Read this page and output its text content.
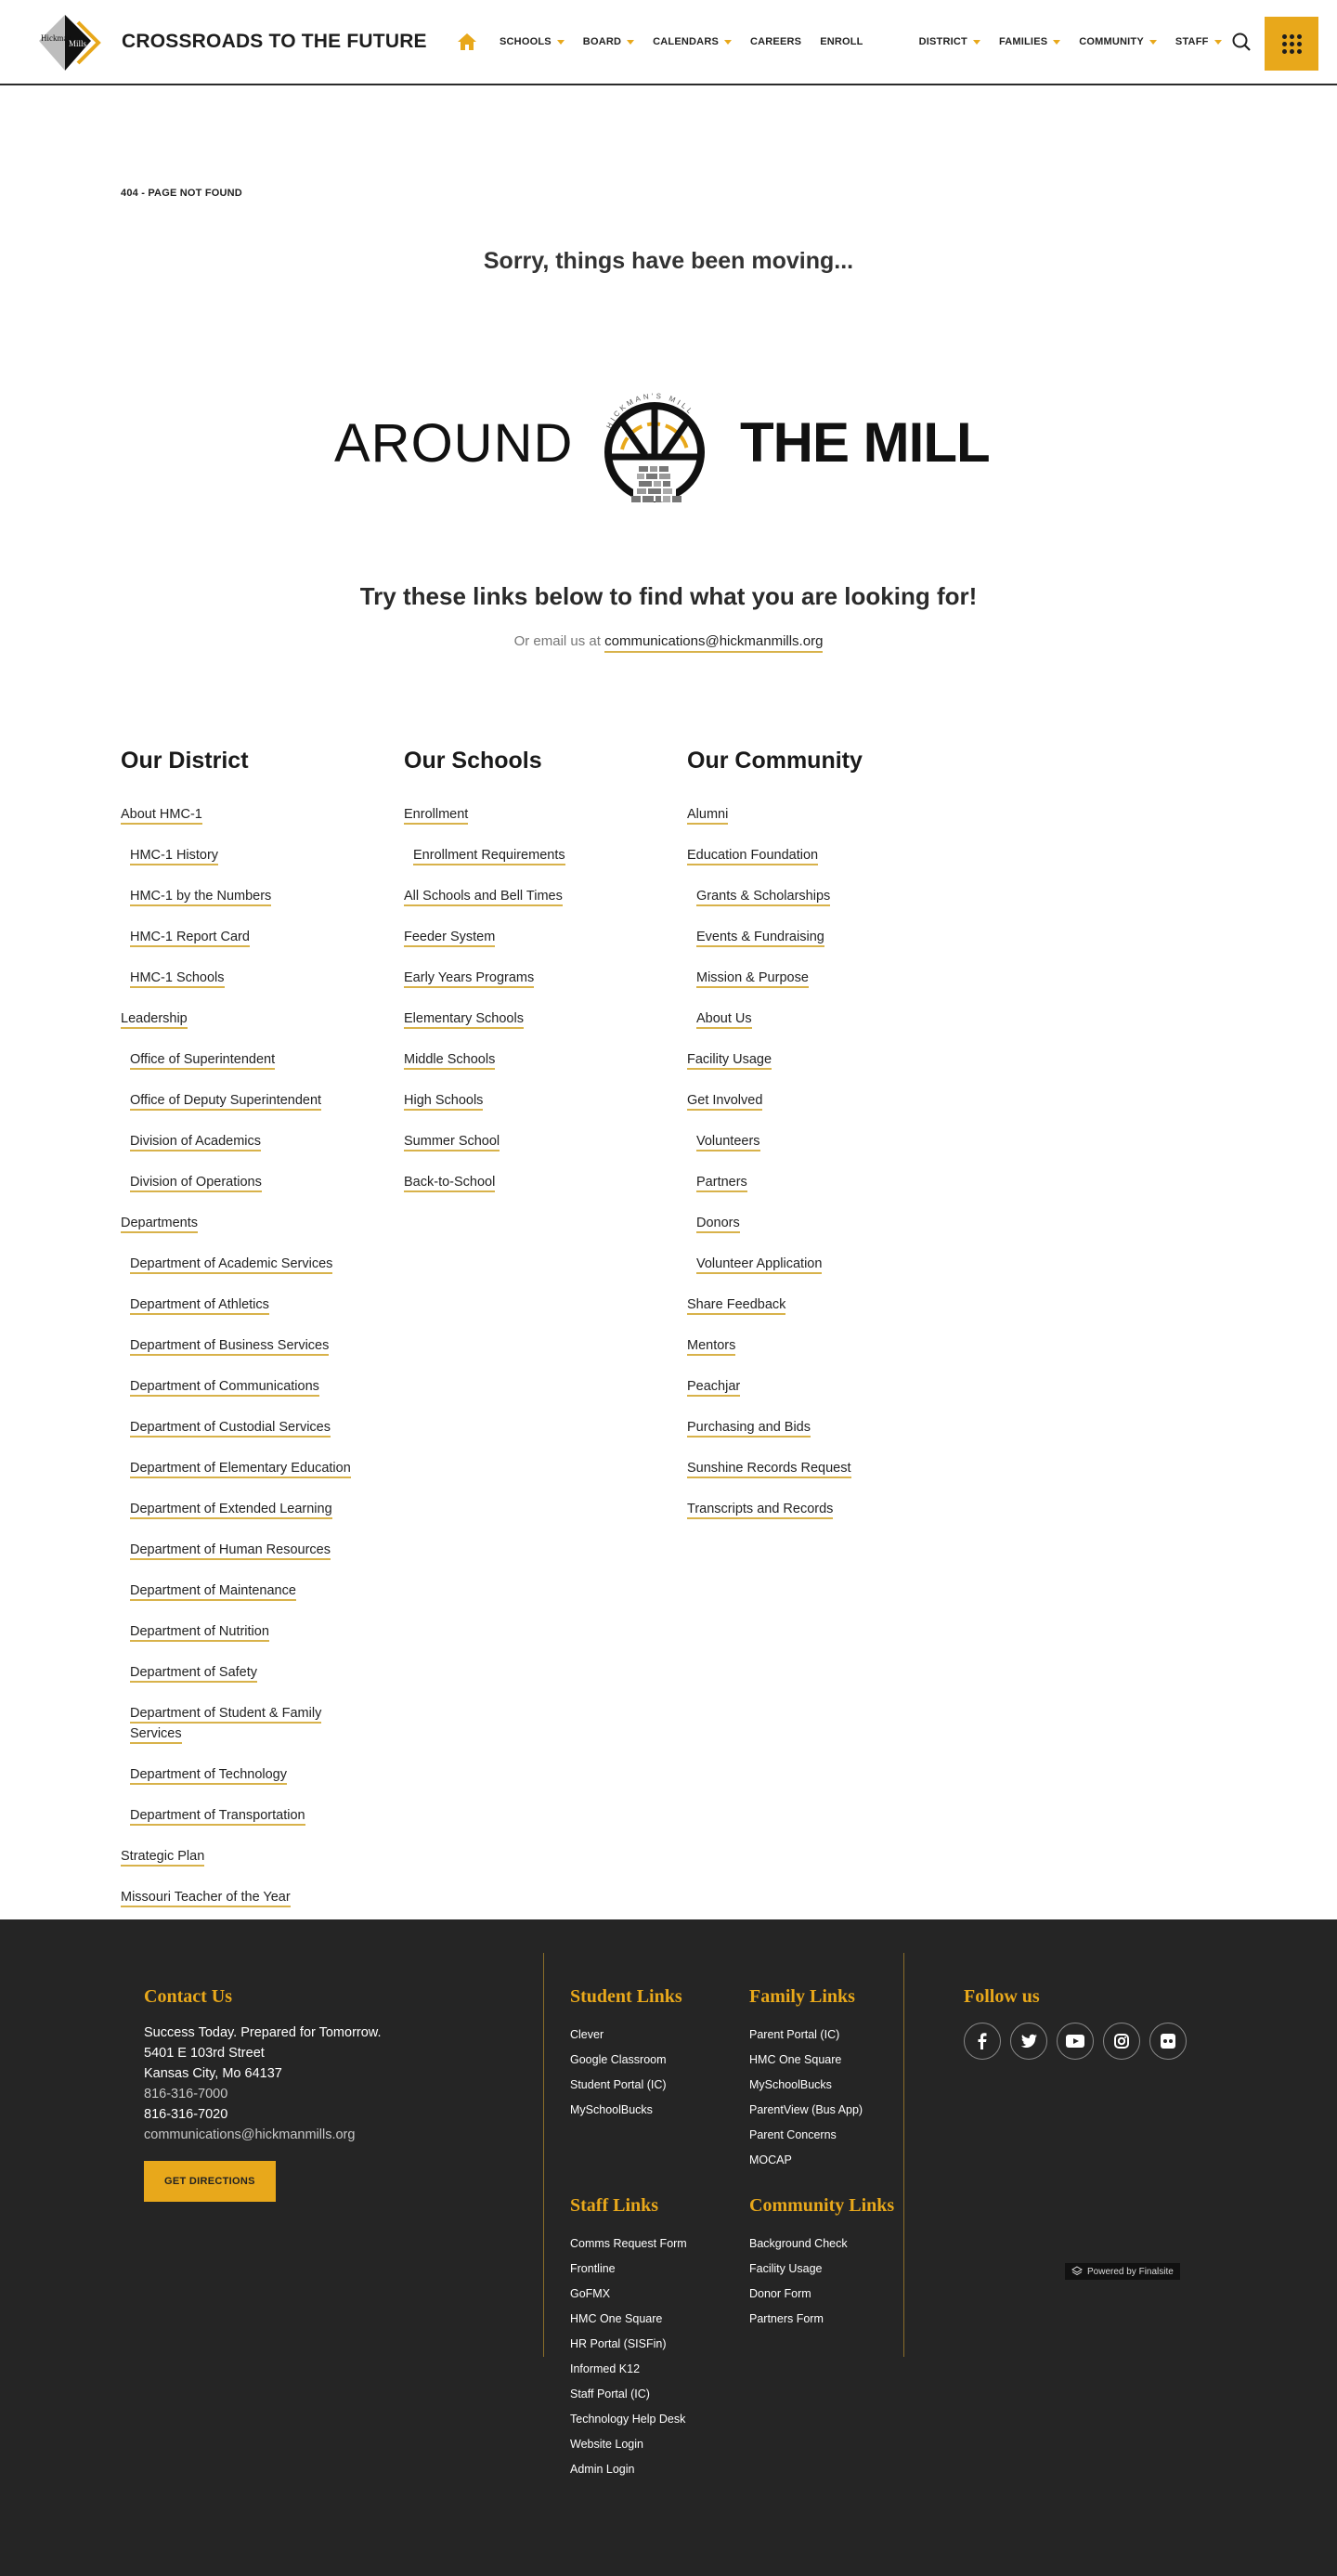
Hickman
Mills CROSSROADS TO THE FUTURE	SCHOOLS	BOARD	CALENDARS	CAREERS ENROLL	DISTRICT	FAMILIES	COMMUNITY	STAFF
404 - PAGE NOT FOUND
Sorry, things have been moving...
AROUND	HICKMAN'S MILL THE MILL
Try these links below to find what you are looking for!

Or email us at communications@hickmanmills.org

Our District
About HMC-1
HMC-1 History
HMC-1 by the Numbers
HMC-1 Report Card
HMC-1 Schools
Leadership
Office of Superintendent
Office of Deputy Superintendent
Division of Academics
Division of Operations
Departments
Department of Academic Services
Department of Athletics
Department of Business Services
Department of Communications
Department of Custodial Services
Department of Elementary Education
Department of Extended Learning
Department of Human Resources
Department of Maintenance
Department of Nutrition
Department of Safety
Department of Student & Family Services
Department of Technology
Department of Transportation
Strategic Plan
Missouri Teacher of the Year
Our Schools
Enrollment
Enrollment Requirements
All Schools and Bell Times
Feeder System
Early Years Programs
Elementary Schools
Middle Schools
High Schools
Summer School
Back-to-School
Our Community
Alumni
Education Foundation
Grants & Scholarships
Events & Fundraising
Mission & Purpose
About Us
Facility Usage
Get Involved
Volunteers
Partners
Donors
Volunteer Application
Share Feedback
Mentors
Peachjar
Purchasing and Bids
Sunshine Records Request
Transcripts and Records
Contact Us
Success Today. Prepared for Tomorrow.
5401 E 103rd Street
Kansas City, Mo 64137
816-316-7000
816-316-7020
communications@hickmanmills.org
GET DIRECTIONS
Student Links
Clever
Google Classroom
Student Portal (IC)
MySchoolBucks
Family Links
Parent Portal (IC)
HMC One Square
MySchoolBucks
ParentView (Bus App)
Parent Concerns
MOCAP
Staff Links
Comms Request Form
Frontline
GoFMX
HMC One Square
HR Portal (SISFin)
Informed K12
Staff Portal (IC)
Technology Help Desk
Website Login
Admin Login
Community Links
Background Check
Facility Usage
Donor Form
Partners Form
Follow us
Powered by Finalsite
